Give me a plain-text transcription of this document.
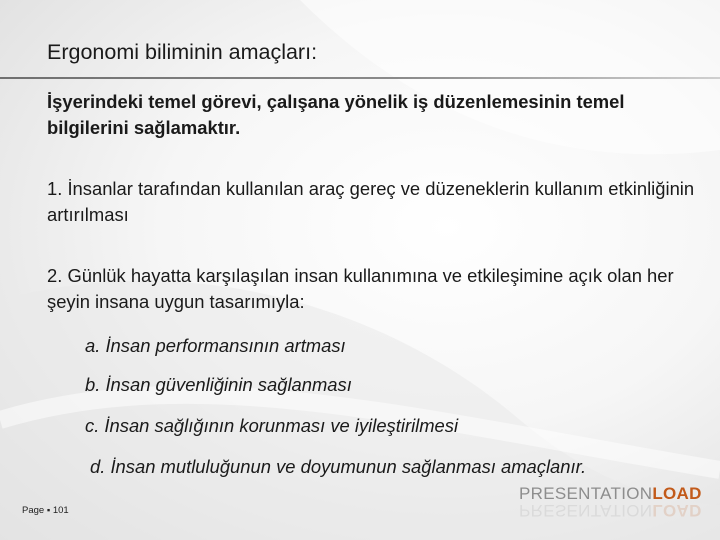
Ergonomi biliminin amaçları:

İşyerindeki temel görevi, çalışana yönelik iş düzenlemesinin temel bilgilerini sağlamaktır.

1. İnsanlar tarafından kullanılan araç gereç ve düzeneklerin kullanım etkinliğinin artırılması

2. Günlük hayatta karşılaşılan insan kullanımına ve etkileşimine açık olan her şeyin insana uygun tasarımıyla:

a. İnsan performansının artması

b. İnsan güvenliğinin sağlanması

c. İnsan sağlığının korunması ve iyileştirilmesi

d. İnsan mutluluğunun ve doyumunun sağlanması amaçlanır.

Page ▪ 101
PRESENTATIONLOAD
PRESENTATIONLOAD
